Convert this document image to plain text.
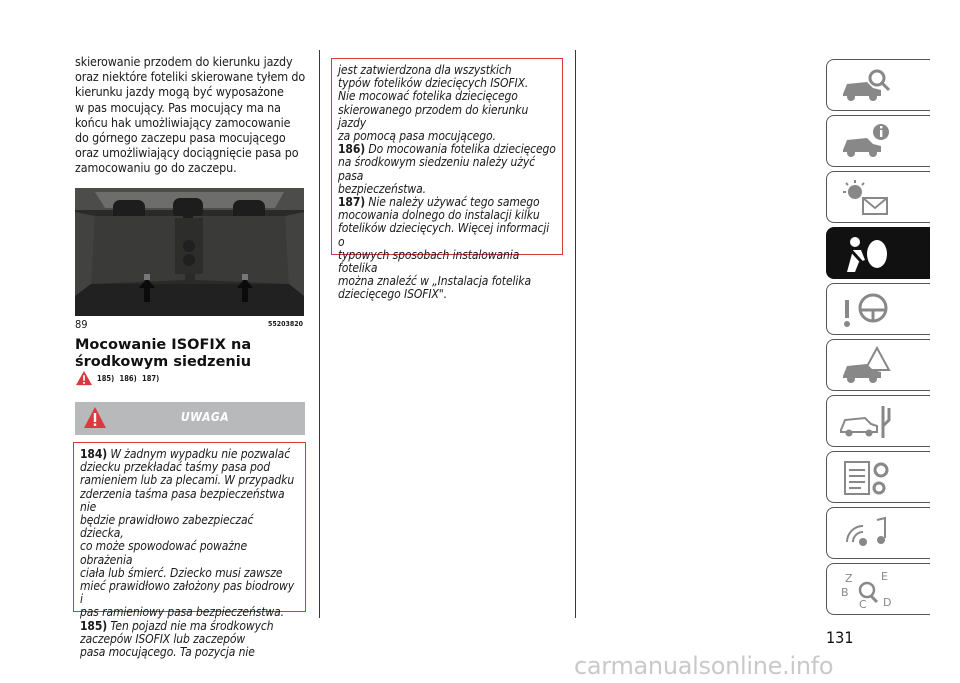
skierowanie przodem do kierunku jazdy
oraz niektóre foteliki skierowane tyłem do
kierunku jazdy mogą być wyposażone
w pas mocujący. Pas mocujący ma na
końcu hak umożliwiający zamocowanie
do górnego zaczepu pasa mocującego
oraz umożliwiający dociągnięcie pasa po
zamocowaniu go do zaczepu.

89	55203820
Mocowanie ISOFIX na środkowym siedzeniu
185) 186) 187)
UWAGA
184) W żadnym wypadku nie pozwalać
dziecku przekładać taśmy pasa pod
ramieniem lub za plecami. W przypadku
zderzenia taśma pasa bezpieczeństwa nie
będzie prawidłowo zabezpieczać dziecka,
co może spowodować poważne obrażenia
ciała lub śmierć. Dziecko musi zawsze
mieć prawidłowo założony pas biodrowy i
pas ramieniowy pasa bezpieczeństwa.
185) Ten pojazd nie ma środkowych
zaczepów ISOFIX lub zaczepów
pasa mocującego. Ta pozycja nie
jest zatwierdzona dla wszystkich
typów fotelików dziecięcych ISOFIX.
Nie mocować fotelika dziecięcego
skierowanego przodem do kierunku jazdy
za pomocą pasa mocującego.
186) Do mocowania fotelika dziecięcego
na środkowym siedzeniu należy użyć pasa
bezpieczeństwa.
187) Nie należy używać tego samego
mocowania dolnego do instalacji kilku
fotelików dziecięcych. Więcej informacji o
typowych sposobach instalowania fotelika
można znaleźć w „Instalacja fotelika
dziecięcego ISOFIX".
Z	E
B
D
C
131
carmanualsonline.info
